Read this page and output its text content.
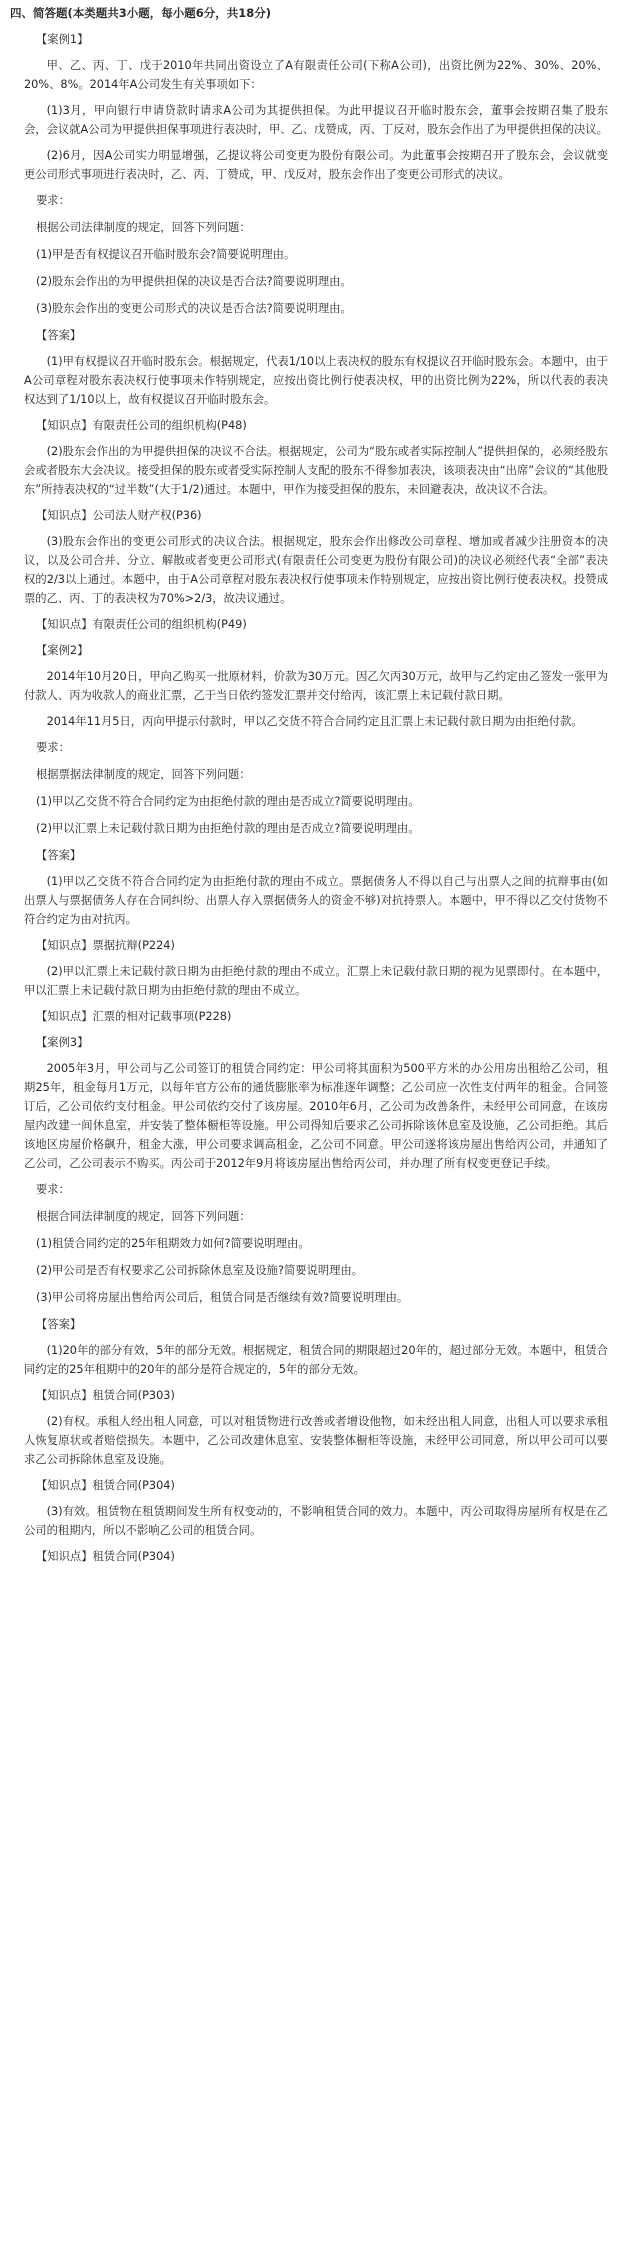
四、简答题(本类题共3小题，每小题6分，共18分)

【案例1】

甲、乙、丙、丁、戊于2010年共同出资设立了A有限责任公司(下称A公司)，出资比例为22%、30%、20%、20%、8%。2014年A公司发生有关事项如下：

(1)3月，甲向银行申请贷款时请求A公司为其提供担保。为此甲提议召开临时股东会，董事会按期召集了股东会，会议就A公司为甲提供担保事项进行表决时，甲、乙、戊赞成，丙、丁反对，股东会作出了为甲提供担保的决议。

(2)6月，因A公司实力明显增强，乙提议将公司变更为股份有限公司。为此董事会按期召开了股东会，会议就变更公司形式事项进行表决时，乙、丙、丁赞成，甲、戊反对，股东会作出了变更公司形式的决议。

要求：

根据公司法律制度的规定，回答下列问题：

(1)甲是否有权提议召开临时股东会?简要说明理由。

(2)股东会作出的为甲提供担保的决议是否合法?简要说明理由。

(3)股东会作出的变更公司形式的决议是否合法?简要说明理由。

【答案】

(1)甲有权提议召开临时股东会。根据规定，代表1/10以上表决权的股东有权提议召开临时股东会。本题中，由于A公司章程对股东表决权行使事项未作特别规定，应按出资比例行使表决权，甲的出资比例为22%，所以代表的表决权达到了1/10以上，故有权提议召开临时股东会。

【知识点】有限责任公司的组织机构(P48)

(2)股东会作出的为甲提供担保的决议不合法。根据规定，公司为“股东或者实际控制人”提供担保的，必须经股东会或者股东大会决议。接受担保的股东或者受实际控制人支配的股东不得参加表决，该项表决由“出席”会议的“其他股东”所持表决权的“过半数”(大于1/2)通过。本题中，甲作为接受担保的股东，未回避表决，故决议不合法。

【知识点】公司法人财产权(P36)

(3)股东会作出的变更公司形式的决议合法。根据规定，股东会作出修改公司章程、增加或者减少注册资本的决议，以及公司合并、分立、解散或者变更公司形式(有限责任公司变更为股份有限公司)的决议必须经代表“全部”表决权的2/3以上通过。本题中，由于A公司章程对股东表决权行使事项未作特别规定，应按出资比例行使表决权。投赞成票的乙、丙、丁的表决权为70%>2/3，故决议通过。

【知识点】有限责任公司的组织机构(P49)
【案例2】

2014年10月20日，甲向乙购买一批原材料，价款为30万元。因乙欠丙30万元，故甲与乙约定由乙签发一张甲为付款人、丙为收款人的商业汇票，乙于当日依约签发汇票并交付给丙，该汇票上未记载付款日期。

2014年11月5日，丙向甲提示付款时，甲以乙交货不符合合同约定且汇票上未记载付款日期为由拒绝付款。

要求：

根据票据法律制度的规定，回答下列问题：

(1)甲以乙交货不符合合同约定为由拒绝付款的理由是否成立?简要说明理由。

(2)甲以汇票上未记载付款日期为由拒绝付款的理由是否成立?简要说明理由。

【答案】

(1)甲以乙交货不符合合同约定为由拒绝付款的理由不成立。票据债务人不得以自己与出票人之间的抗辩事由(如出票人与票据债务人存在合同纠纷、出票人存入票据债务人的资金不够)对抗持票人。本题中，甲不得以乙交付货物不符合约定为由对抗丙。

【知识点】票据抗辩(P224)

(2)甲以汇票上未记载付款日期为由拒绝付款的理由不成立。汇票上未记载付款日期的视为见票即付。在本题中，甲以汇票上未记载付款日期为由拒绝付款的理由不成立。

【知识点】汇票的相对记载事项(P228)
【案例3】

2005年3月，甲公司与乙公司签订的租赁合同约定：甲公司将其面积为500平方米的办公用房出租给乙公司，租期25年，租金每月1万元，以每年官方公布的通货膨胀率为标准逐年调整；乙公司应一次性支付两年的租金。合同签订后，乙公司依约支付租金。甲公司依约交付了该房屋。2010年6月，乙公司为改善条件，未经甲公司同意，在该房屋内改建一间休息室，并安装了整体橱柜等设施。甲公司得知后要求乙公司拆除该休息室及设施，乙公司拒绝。其后该地区房屋价格飙升，租金大涨，甲公司要求调高租金，乙公司不同意。甲公司遂将该房屋出售给丙公司，并通知了乙公司，乙公司表示不购买。丙公司于2012年9月将该房屋出售给丙公司，并办理了所有权变更登记手续。

要求：

根据合同法律制度的规定，回答下列问题：

(1)租赁合同约定的25年租期效力如何?简要说明理由。

(2)甲公司是否有权要求乙公司拆除休息室及设施?简要说明理由。

(3)甲公司将房屋出售给丙公司后，租赁合同是否继续有效?简要说明理由。

【答案】

(1)20年的部分有效，5年的部分无效。根据规定，租赁合同的期限超过20年的，超过部分无效。本题中，租赁合同约定的25年租期中的20年的部分是符合规定的，5年的部分无效。

【知识点】租赁合同(P303)

(2)有权。承租人经出租人同意，可以对租赁物进行改善或者增设他物，如未经出租人同意，出租人可以要求承租人恢复原状或者赔偿损失。本题中，乙公司改建休息室、安装整体橱柜等设施，未经甲公司同意，所以甲公司可以要求乙公司拆除休息室及设施。

【知识点】租赁合同(P304)

(3)有效。租赁物在租赁期间发生所有权变动的，不影响租赁合同的效力。本题中，丙公司取得房屋所有权是在乙公司的租期内，所以不影响乙公司的租赁合同。

【知识点】租赁合同(P304)
